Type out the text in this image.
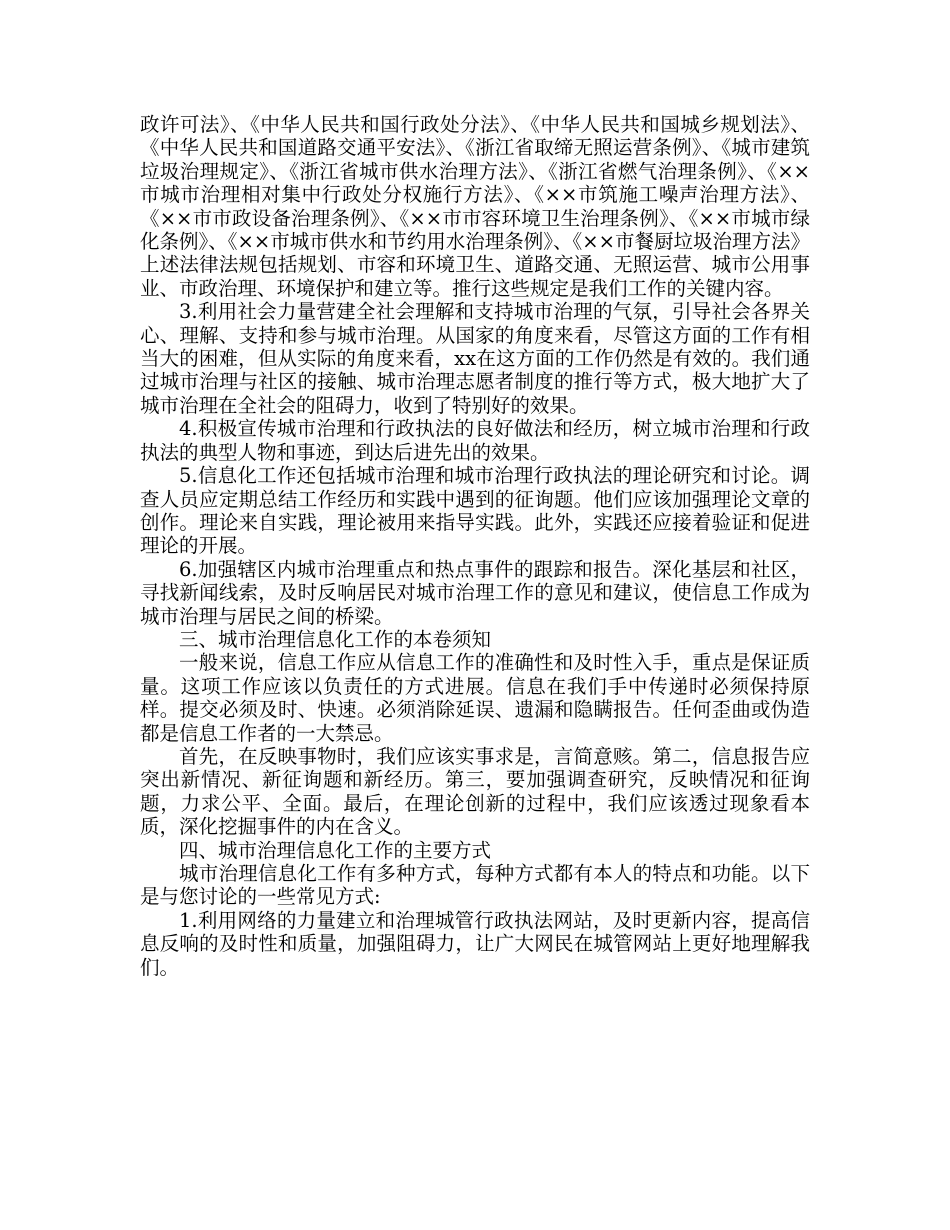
政许可法》、《中华人民共和国行政处分法》、《中华人民共和国城乡规划法》、《中华人民共和国道路交通平安法》、《浙江省取缔无照运营条例》、《城市建筑垃圾治理规定》、《浙江省城市供水治理方法》、《浙江省燃气治理条例》、《××市城市治理相对集中行政处分权施行方法》、《××市筑施工噪声治理方法》、《××市市政设备治理条例》、《××市市容环境卫生治理条例》、《××市城市绿化条例》、《××市城市供水和节约用水治理条例》、《××市餐厨垃圾治理方法》上述法律法规包括规划、市容和环境卫生、道路交通、无照运营、城市公用事业、市政治理、环境保护和建立等。推行这些规定是我们工作的关键内容。

3.利用社会力量营建全社会理解和支持城市治理的气氛，引导社会各界关心、理解、支持和参与城市治理。从国家的角度来看，尽管这方面的工作有相当大的困难，但从实际的角度来看，xx在这方面的工作仍然是有效的。我们通过城市治理与社区的接触、城市治理志愿者制度的推行等方式，极大地扩大了城市治理在全社会的阻碍力，收到了特别好的效果。

4.积极宣传城市治理和行政执法的良好做法和经历，树立城市治理和行政执法的典型人物和事迹，到达后进先出的效果。

5.信息化工作还包括城市治理和城市治理行政执法的理论研究和讨论。调查人员应定期总结工作经历和实践中遇到的征询题。他们应该加强理论文章的创作。理论来自实践，理论被用来指导实践。此外，实践还应接着验证和促进理论的开展。

6.加强辖区内城市治理重点和热点事件的跟踪和报告。深化基层和社区，寻找新闻线索，及时反响居民对城市治理工作的意见和建议，使信息工作成为城市治理与居民之间的桥梁。

三、城市治理信息化工作的本卷须知

一般来说，信息工作应从信息工作的准确性和及时性入手，重点是保证质量。这项工作应该以负责任的方式进展。信息在我们手中传递时必须保持原样。提交必须及时、快速。必须消除延误、遗漏和隐瞒报告。任何歪曲或伪造都是信息工作者的一大禁忌。

首先，在反映事物时，我们应该实事求是，言简意赅。第二，信息报告应突出新情况、新征询题和新经历。第三，要加强调查研究，反映情况和征询题，力求公平、全面。最后，在理论创新的过程中，我们应该透过现象看本质，深化挖掘事件的内在含义。

四、城市治理信息化工作的主要方式

城市治理信息化工作有多种方式，每种方式都有本人的特点和功能。以下是与您讨论的一些常见方式:

1.利用网络的力量建立和治理城管行政执法网站，及时更新内容，提高信息反响的及时性和质量，加强阻碍力，让广大网民在城管网站上更好地理解我们。
